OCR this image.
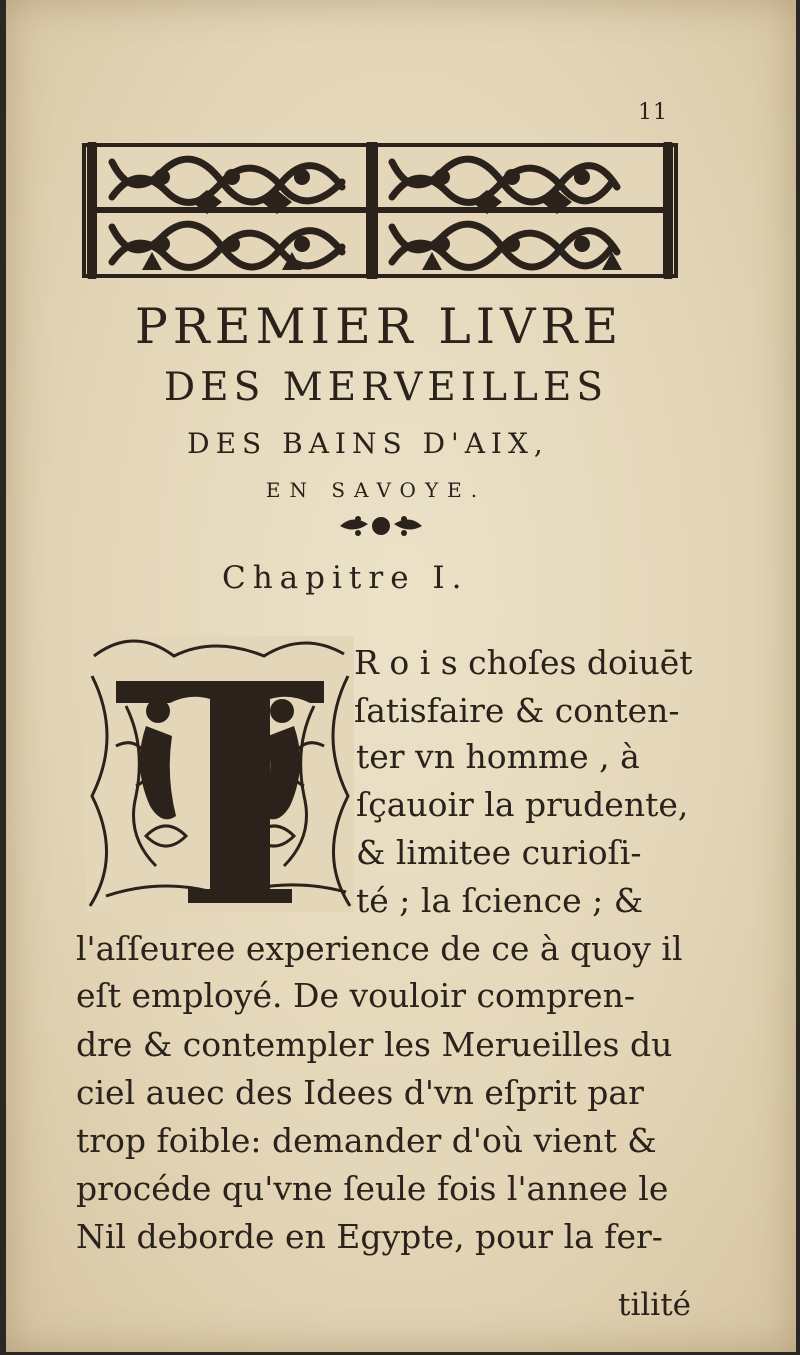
11
PREMIER LIVRE
DES MERVEILLES
DES BAINS D'AIX,
EN SAVOYE.
Chapitre I.
R o i s choſes doiuēt
ſatisfaire & conten-
ter vn homme , à
ſçauoir la prudente,
& limitee curioſi-
té ; la ſcience ; &
l'aſſeuree experience de ce à quoy il
eſt employé. De vouloir compren-
dre & contempler les Merueilles du
ciel auec des Idees d'vn eſprit par
trop foible: demander d'où vient &
procéde qu'vne ſeule fois l'annee le
Nil deborde en Egypte, pour la fer-
tilité
